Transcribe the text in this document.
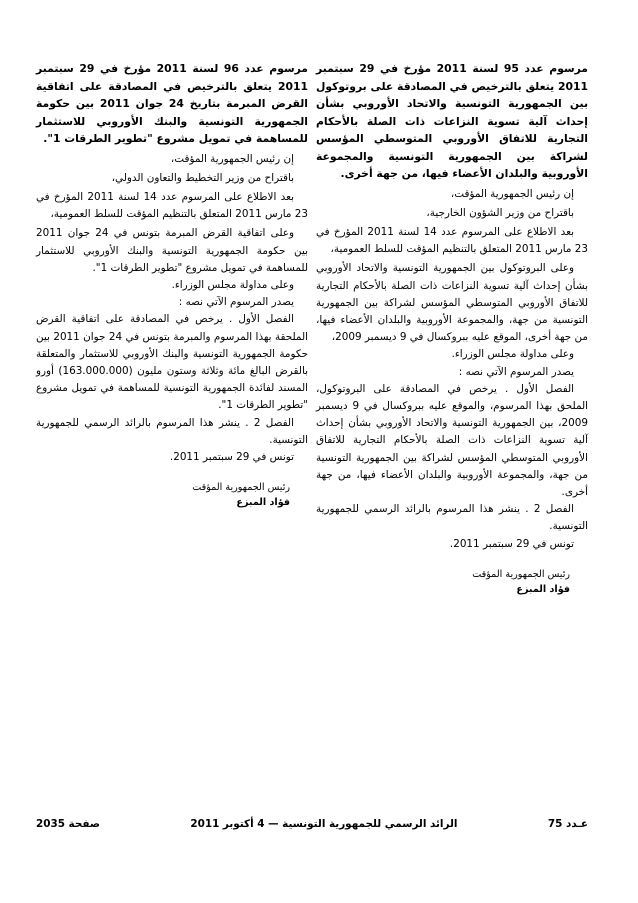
مرسوم عدد 95 لسنة 2011 مؤرخ في 29 سبتمبر 2011 يتعلق بالترخيص في المصادقة على بروتوكول بين الجمهورية التونسية والاتحاد الأوروبي بشأن إحداث آلية تسوية النزاعات ذات الصلة بالأحكام التجارية للاتفاق الأوروبي المتوسطي المؤسس لشراكة بين الجمهورية التونسية والمجموعة الأوروبية والبلدان الأعضاء فيها، من جهة أخرى.

إن رئيس الجمهورية المؤقت،

باقتراح من وزير الشؤون الخارجية،

بعد الاطلاع على المرسوم عدد 14 لسنة 2011 المؤرخ في 23 مارس 2011 المتعلق بالتنظيم المؤقت للسلط العمومية،

وعلى البروتوكول بين الجمهورية التونسية والاتحاد الأوروبي بشأن إحداث آلية تسوية النزاعات ذات الصلة بالأحكام التجارية للاتفاق الأوروبي المتوسطي المؤسس لشراكة بين الجمهورية التونسية من جهة، والمجموعة الأوروبية والبلدان الأعضاء فيها، من جهة أخرى، الموقع عليه ببروكسال في 9 ديسمبر 2009،

وعلى مداولة مجلس الوزراء.

يصدر المرسوم الآتي نصه :

الفصل الأول . يرخص في المصادقة على البروتوكول، الملحق بهذا المرسوم، والموقع عليه ببروكسال في 9 ديسمبر 2009، بين الجمهورية التونسية والاتحاد الأوروبي بشأن إحداث آلية تسوية النزاعات ذات الصلة بالأحكام التجارية للاتفاق الأوروبي المتوسطي المؤسس لشراكة بين الجمهورية التونسية من جهة، والمجموعة الأوروبية والبلدان الأعضاء فيها، من جهة أخرى.

الفصل 2 . ينشر هذا المرسوم بالرائد الرسمي للجمهورية التونسية.

تونس في 29 سبتمبر 2011.

رئيس الجمهورية المؤقت
فؤاد المبزع

مرسوم عدد 96 لسنة 2011 مؤرخ في 29 سبتمبر 2011 يتعلق بالترخيص في المصادقة على اتفاقية القرض المبرمة بتاريخ 24 جوان 2011 بين حكومة الجمهورية التونسية والبنك الأوروبي للاستثمار للمساهمة في تمويل مشروع "تطوير الطرقات 1".

إن رئيس الجمهورية المؤقت،

باقتراح من وزير التخطيط والتعاون الدولي،

بعد الاطلاع على المرسوم عدد 14 لسنة 2011 المؤرخ في 23 مارس 2011 المتعلق بالتنظيم المؤقت للسلط العمومية،

وعلى اتفاقية القرض المبرمة بتونس في 24 جوان 2011 بين حكومة الجمهورية التونسية والبنك الأوروبي للاستثمار للمساهمة في تمويل مشروع "تطوير الطرقات 1".

وعلى مداولة مجلس الوزراء.

يصدر المرسوم الآتي نصه :

الفصل الأول . يرخص في المصادقة على اتفاقية القرض الملحقة بهذا المرسوم والمبرمة بتونس في 24 جوان 2011 بين حكومة الجمهورية التونسية والبنك الأوروبي للاستثمار والمتعلقة بالقرض البالغ مائة وثلاثة وستون مليون (163.000.000) أورو المسند لفائدة الجمهورية التونسية للمساهمة في تمويل مشروع "تطوير الطرقات 1".

الفصل 2 . ينشر هذا المرسوم بالرائد الرسمي للجمهورية التونسية.

تونس في 29 سبتمبر 2011.

رئيس الجمهورية المؤقت
فؤاد المبزع
عـدد 75
الرائد الرسمي للجمهورية التونسية — 4 أكتوبر 2011
صفحة 2035
